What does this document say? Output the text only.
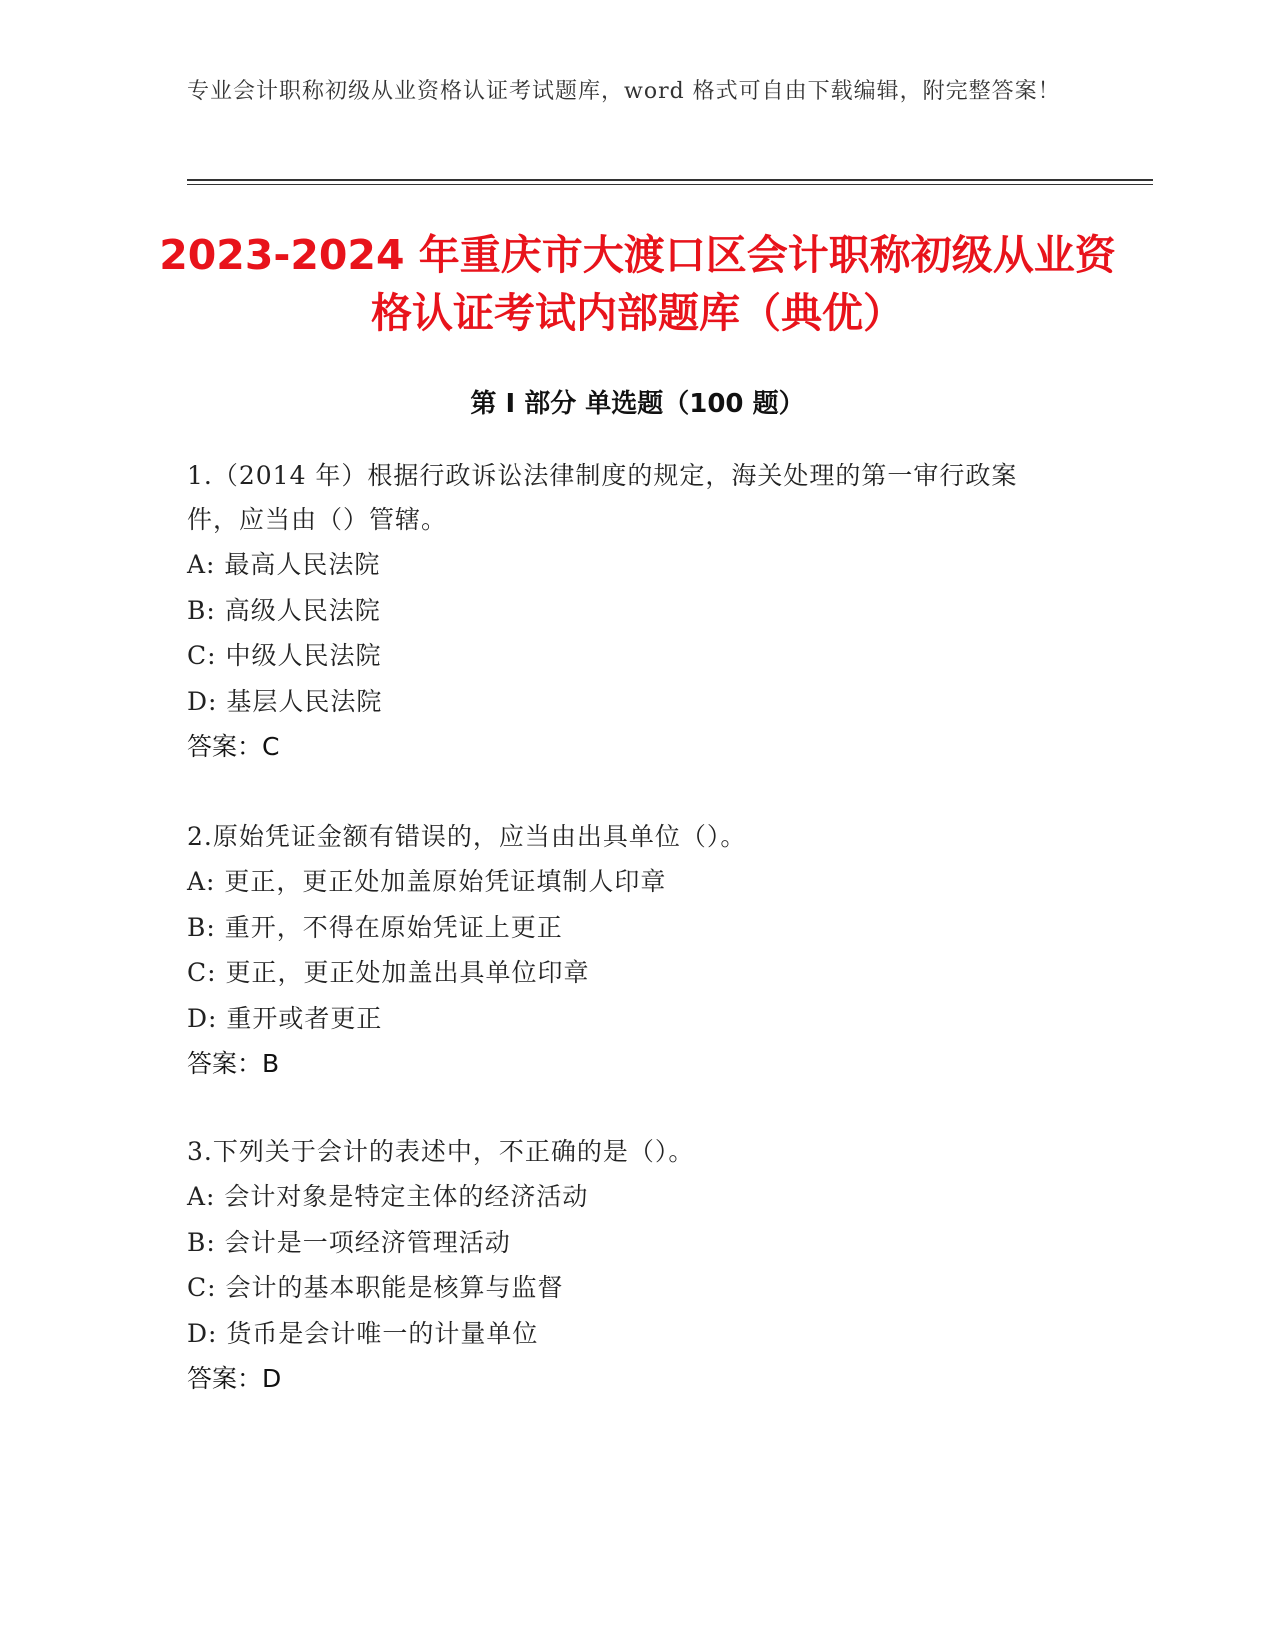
专业会计职称初级从业资格认证考试题库，word 格式可自由下载编辑，附完整答案！
2023-2024 年重庆市大渡口区会计职称初级从业资格认证考试内部题库（典优）
第 I 部分 单选题（100 题）
1.（2014 年）根据行政诉讼法律制度的规定，海关处理的第一审行政案件，应当由（）管辖。
A: 最高人民法院
B: 高级人民法院
C: 中级人民法院
D: 基层人民法院
答案：C
2.原始凭证金额有错误的，应当由出具单位（）。
A: 更正，更正处加盖原始凭证填制人印章
B: 重开，不得在原始凭证上更正
C: 更正，更正处加盖出具单位印章
D: 重开或者更正
答案：B
3.下列关于会计的表述中，不正确的是（）。
A: 会计对象是特定主体的经济活动
B: 会计是一项经济管理活动
C: 会计的基本职能是核算与监督
D: 货币是会计唯一的计量单位
答案：D
